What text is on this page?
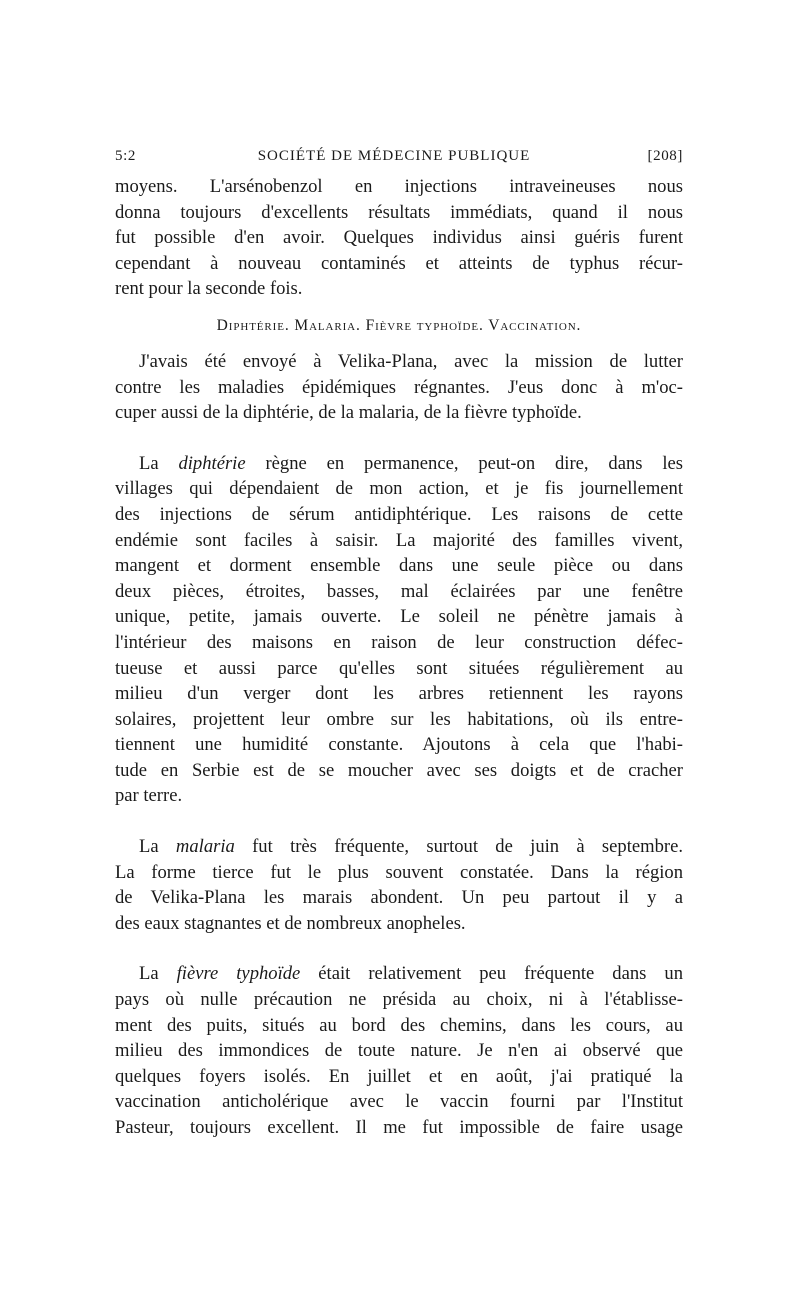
5:2	SOCIÉTÉ DE MÉDECINE PUBLIQUE	[208]

moyens. L'arsénobenzol en injections intraveineuses nous
donna toujours d'excellents résultats immédiats, quand il nous
fut possible d'en avoir. Quelques individus ainsi guéris furent
cependant à nouveau contaminés et atteints de typhus récur-
rent pour la seconde fois.

Diphtérie. Malaria. Fièvre typhoïde. Vaccination.

J'avais été envoyé à Velika-Plana, avec la mission de lutter
contre les maladies épidémiques régnantes. J'eus donc à m'oc-
cuper aussi de la diphtérie, de la malaria, de la fièvre typhoïde.

La diphtérie règne en permanence, peut-on dire, dans les
villages qui dépendaient de mon action, et je fis journellement
des injections de sérum antidiphtérique. Les raisons de cette
endémie sont faciles à saisir. La majorité des familles vivent,
mangent et dorment ensemble dans une seule pièce ou dans
deux pièces, étroites, basses, mal éclairées par une fenêtre
unique, petite, jamais ouverte. Le soleil ne pénètre jamais à
l'intérieur des maisons en raison de leur construction défec-
tueuse et aussi parce qu'elles sont situées régulièrement au
milieu d'un verger dont les arbres retiennent les rayons
solaires, projettent leur ombre sur les habitations, où ils entre-
tiennent une humidité constante. Ajoutons à cela que l'habi-
tude en Serbie est de se moucher avec ses doigts et de cracher
par terre.

La malaria fut très fréquente, surtout de juin à septembre.
La forme tierce fut le plus souvent constatée. Dans la région
de Velika-Plana les marais abondent. Un peu partout il y a
des eaux stagnantes et de nombreux anopheles.

La fièvre typhoïde était relativement peu fréquente dans un
pays où nulle précaution ne présida au choix, ni à l'établisse-
ment des puits, situés au bord des chemins, dans les cours, au
milieu des immondices de toute nature. Je n'en ai observé que
quelques foyers isolés. En juillet et en août, j'ai pratiqué la
vaccination anticholérique avec le vaccin fourni par l'Institut
Pasteur, toujours excellent. Il me fut impossible de faire usage
